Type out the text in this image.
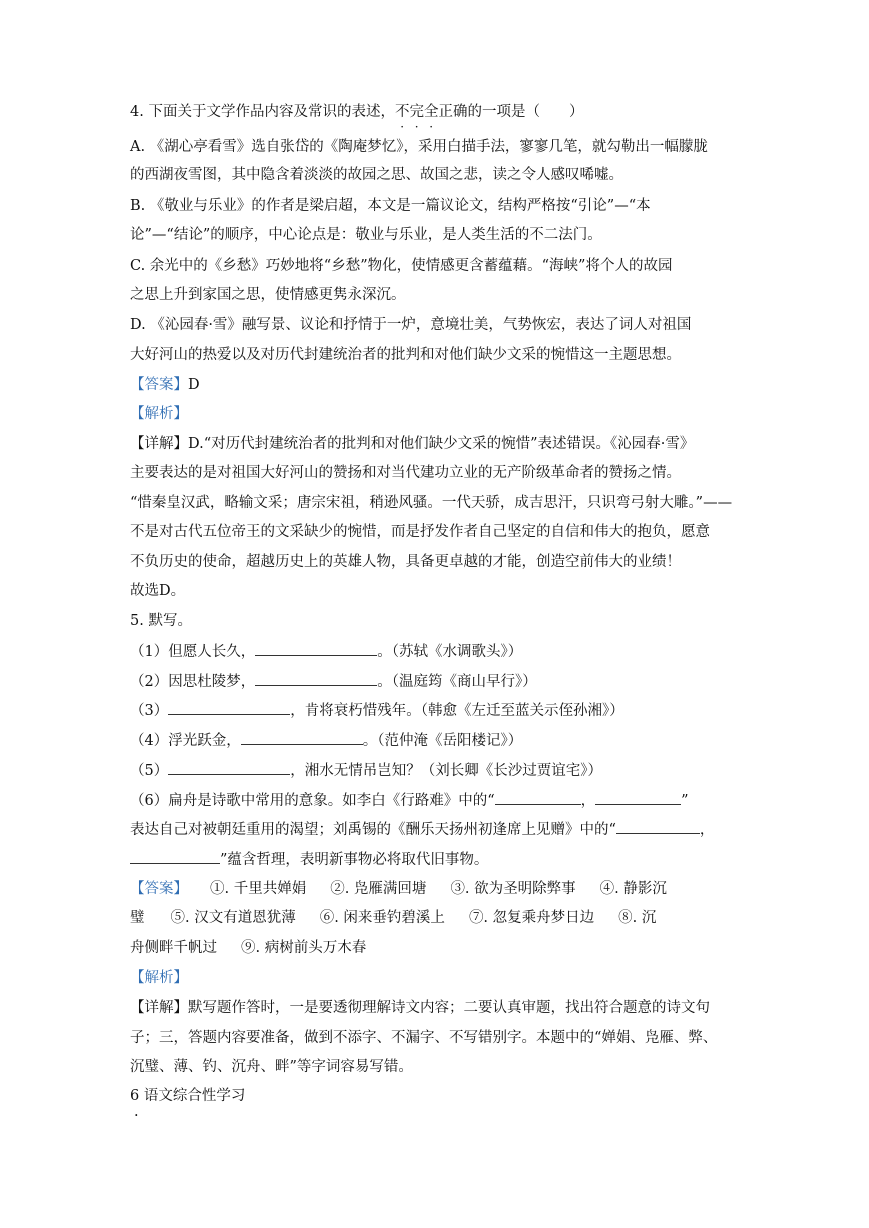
4. 下面关于文学作品内容及常识的表述，不完全正确的一项是（　　）
A. 《湖心亭看雪》选自张岱的《陶庵梦忆》，采用白描手法，寥寥几笔，就勾勒出一幅朦胧
的西湖夜雪图，其中隐含着淡淡的故园之思、故国之悲，读之令人感叹唏嘘。
B. 《敬业与乐业》的作者是梁启超，本文是一篇议论文，结构严格按“引论”—“本
论”—“结论”的顺序，中心论点是：敬业与乐业，是人类生活的不二法门。
C. 余光中的《乡愁》巧妙地将“乡愁”物化，使情感更含蓄蕴藉。“海峡”将个人的故园
之思上升到家国之思，使情感更隽永深沉。
D. 《沁园春·雪》融写景、议论和抒情于一炉，意境壮美，气势恢宏，表达了词人对祖国
大好河山的热爱以及对历代封建统治者的批判和对他们缺少文采的惋惜这一主题思想。
【答案】D
【解析】
【详解】D.“对历代封建统治者的批判和对他们缺少文采的惋惜”表述错误。《沁园春·雪》
主要表达的是对祖国大好河山的赞扬和对当代建功立业的无产阶级革命者的赞扬之情。
“惜秦皇汉武，略输文采；唐宗宋祖，稍逊风骚。一代天骄，成吉思汗，只识弯弓射大雕。”——
不是对古代五位帝王的文采缺少的惋惜，而是抒发作者自己坚定的自信和伟大的抱负，愿意
不负历史的使命，超越历史上的英雄人物，具备更卓越的才能，创造空前伟大的业绩！
故选D。
5. 默写。
（1）但愿人长久，	。（苏轼《水调歌头》）
（2）因思杜陵梦，	。（温庭筠《商山早行》）
（3）	，肯将衰朽惜残年。（韩愈《左迁至蓝关示侄孙湘》）
（4）浮光跃金，	。（范仲淹《岳阳楼记》）
（5）	，湘水无情吊岂知？（刘长卿《长沙过贾谊宅》）
（6）扁舟是诗歌中常用的意象。如李白《行路难》中的“	，	”
表达自己对被朝廷重用的渴望；刘禹锡的《酬乐天扬州初逢席上见赠》中的“	，
”蕴含哲理，表明新事物必将取代旧事物。
【答案】 ①. 千里共婵娟 ②. 凫雁满回塘 ③. 欲为圣明除弊事 ④. 静影沉
璧 ⑤. 汉文有道恩犹薄 ⑥. 闲来垂钓碧溪上 ⑦. 忽复乘舟梦日边 ⑧. 沉
舟侧畔千帆过 ⑨. 病树前头万木春
【解析】
【详解】默写题作答时，一是要透彻理解诗文内容；二要认真审题，找出符合题意的诗文句
子；三，答题内容要准备，做到不添字、不漏字、不写错别字。本题中的“婵娟、凫雁、弊、
沉璧、薄、钓、沉舟、畔”等字词容易写错。
6 语文综合性学习
·
